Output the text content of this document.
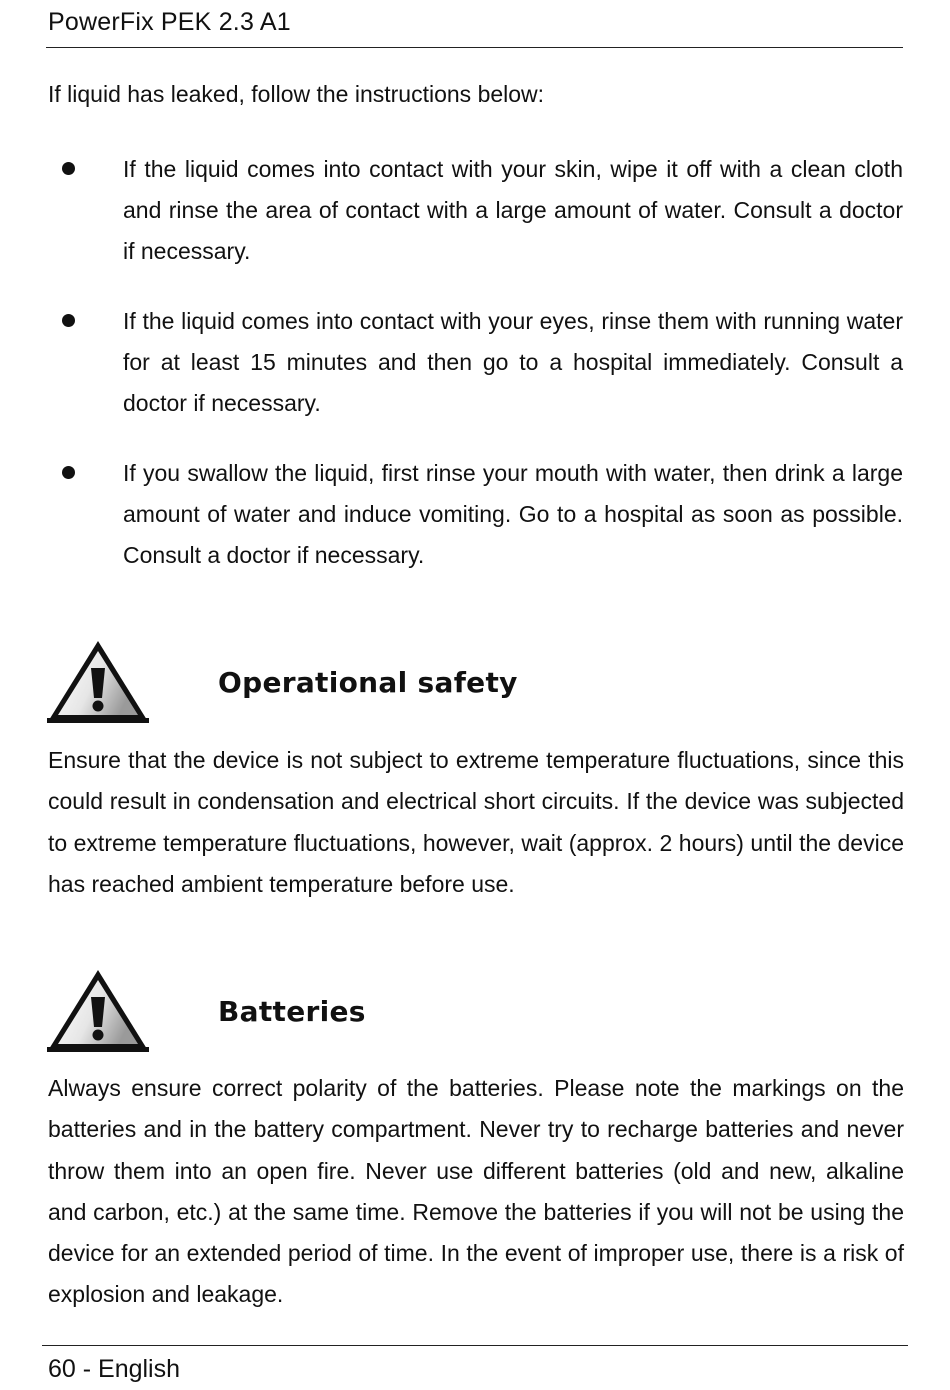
PowerFix PEK 2.3 A1
If liquid has leaked, follow the instructions below:
If the liquid comes into contact with your skin, wipe it off with a clean cloth and rinse the area of contact with a large amount of water. Consult a doctor if necessary.
If the liquid comes into contact with your eyes, rinse them with running water for at least 15 minutes and then go to a hospital immediately. Consult a doctor if necessary.
If you swallow the liquid, first rinse your mouth with water, then drink a large amount of water and induce vomiting. Go to a hospital as soon as possible. Consult a doctor if necessary.
Operational safety

Ensure that the device is not subject to extreme temperature fluctuations, since this could result in condensation and electrical short circuits. If the device was subjected to extreme temperature fluctuations, however, wait (approx. 2 hours) until the device has reached ambient temperature before use.

Batteries

Always ensure correct polarity of the batteries. Please note the markings on the batteries and in the battery compartment. Never try to recharge batteries and never throw them into an open fire. Never use different batteries (old and new, alkaline and carbon, etc.) at the same time. Remove the batteries if you will not be using the device for an extended period of time. In the event of improper use, there is a risk of explosion and leakage.

60 - English
